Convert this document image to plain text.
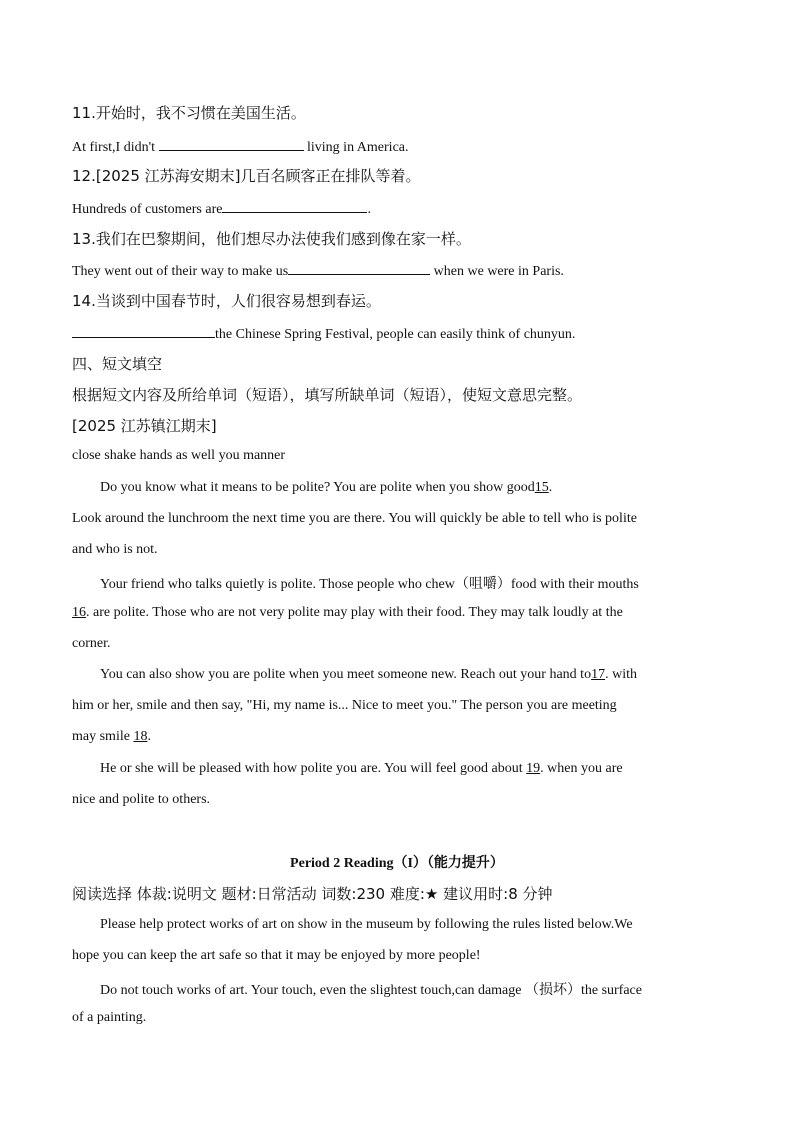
11.开始时，我不习惯在美国生活。
At first,I didn't	living in America.
12.[2025 江苏海安期末]几百名顾客正在排队等着。
Hundreds of customers are	.
13.我们在巴黎期间，他们想尽办法使我们感到像在家一样。
They went out of their way to make us	when we were in Paris.
14.当谈到中国春节时，人们很容易想到春运。
the Chinese Spring Festival, people can easily think of chunyun.
四、短文填空
根据短文内容及所给单词（短语），填写所缺单词（短语），使短文意思完整。
[2025 江苏镇江期末]
close shake hands as well you manner
Do you know what it means to be polite? You are polite when you show good15.
Look around the lunchroom the next time you are there. You will quickly be able to tell who is polite
and who is not.
Your friend who talks quietly is polite. Those people who chew（咀嚼）food with their mouths
16. are polite. Those who are not very polite may play with their food. They may talk loudly at the
corner.
You can also show you are polite when you meet someone new. Reach out your hand to17. with
him or her, smile and then say, "Hi, my name is... Nice to meet you." The person you are meeting
may smile 18.
He or she will be pleased with how polite you are. You will feel good about 19. when you are
nice and polite to others.
Period 2 Reading（I）（能力提升）
阅读选择 体裁:说明文 题材:日常活动 词数:230 难度:★ 建议用时:8 分钟
Please help protect works of art on show in the museum by following the rules listed below.We
hope you can keep the art safe so that it may be enjoyed by more people!
Do not touch works of art. Your touch, even the slightest touch,can damage （损坏）the surface
of a painting.
